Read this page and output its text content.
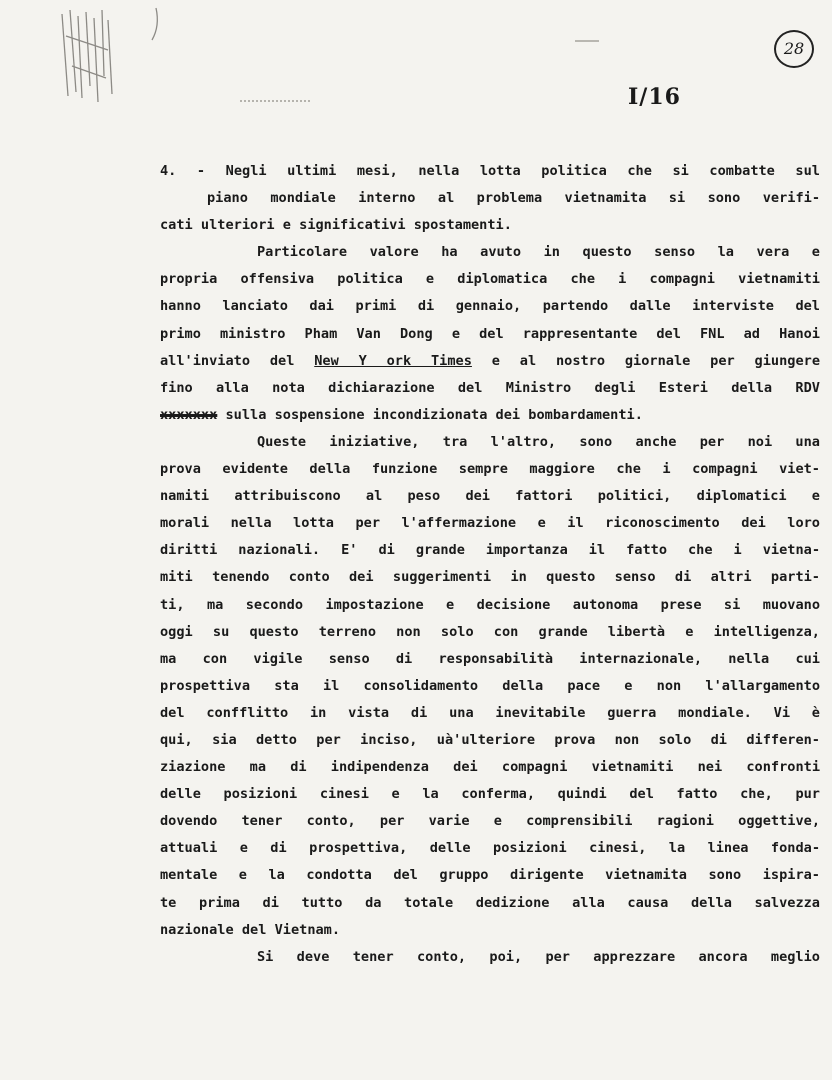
28
I/16
4. - Negli ultimi mesi, nella lotta politica che si combatte sul
piano mondiale interno al problema vietnamita si sono verifi-
cati ulteriori e significativi spostamenti.
Particolare valore ha avuto in questo senso la vera e
propria offensiva politica e diplomatica che i compagni vietnamiti
hanno lanciato dai primi di gennaio, partendo dalle interviste del
primo ministro Pham Van Dong e del rappresentante del FNL ad Hanoi
all'inviato del New Y ork Times e al nostro giornale per giungere
fino alla nota dichiarazione del Ministro degli Esteri della RDV
xxxxxxx sulla sospensione incondizionata dei bombardamenti.
Queste iniziative, tra l'altro, sono anche per noi una
prova evidente della funzione sempre maggiore che i compagni viet-
namiti attribuiscono al peso dei fattori politici, diplomatici e
morali nella lotta per l'affermazione e il riconoscimento dei loro
diritti nazionali. E' di grande importanza il fatto che i vietna-
miti tenendo conto dei suggerimenti in questo senso di altri parti-
ti, ma secondo impostazione e decisione autonoma prese si muovano
oggi su questo terreno non solo con grande libertà e intelligenza,
ma con vigile senso di responsabilità internazionale, nella cui
prospettiva sta il consolidamento della pace e non l'allargamento
del confflitto in vista di una inevitabile guerra mondiale. Vi è
qui, sia detto per inciso, uà'ulteriore prova non solo di differen-
ziazione ma di indipendenza dei compagni vietnamiti nei confronti
delle posizioni cinesi e la conferma, quindi del fatto che, pur
dovendo tener conto, per varie e comprensibili ragioni oggettive,
attuali e di prospettiva, delle posizioni cinesi, la linea fonda-
mentale e la condotta del gruppo dirigente vietnamita sono ispira-
te prima di tutto da totale dedizione alla causa della salvezza
nazionale del Vietnam.
Si deve tener conto, poi, per apprezzare ancora meglio
